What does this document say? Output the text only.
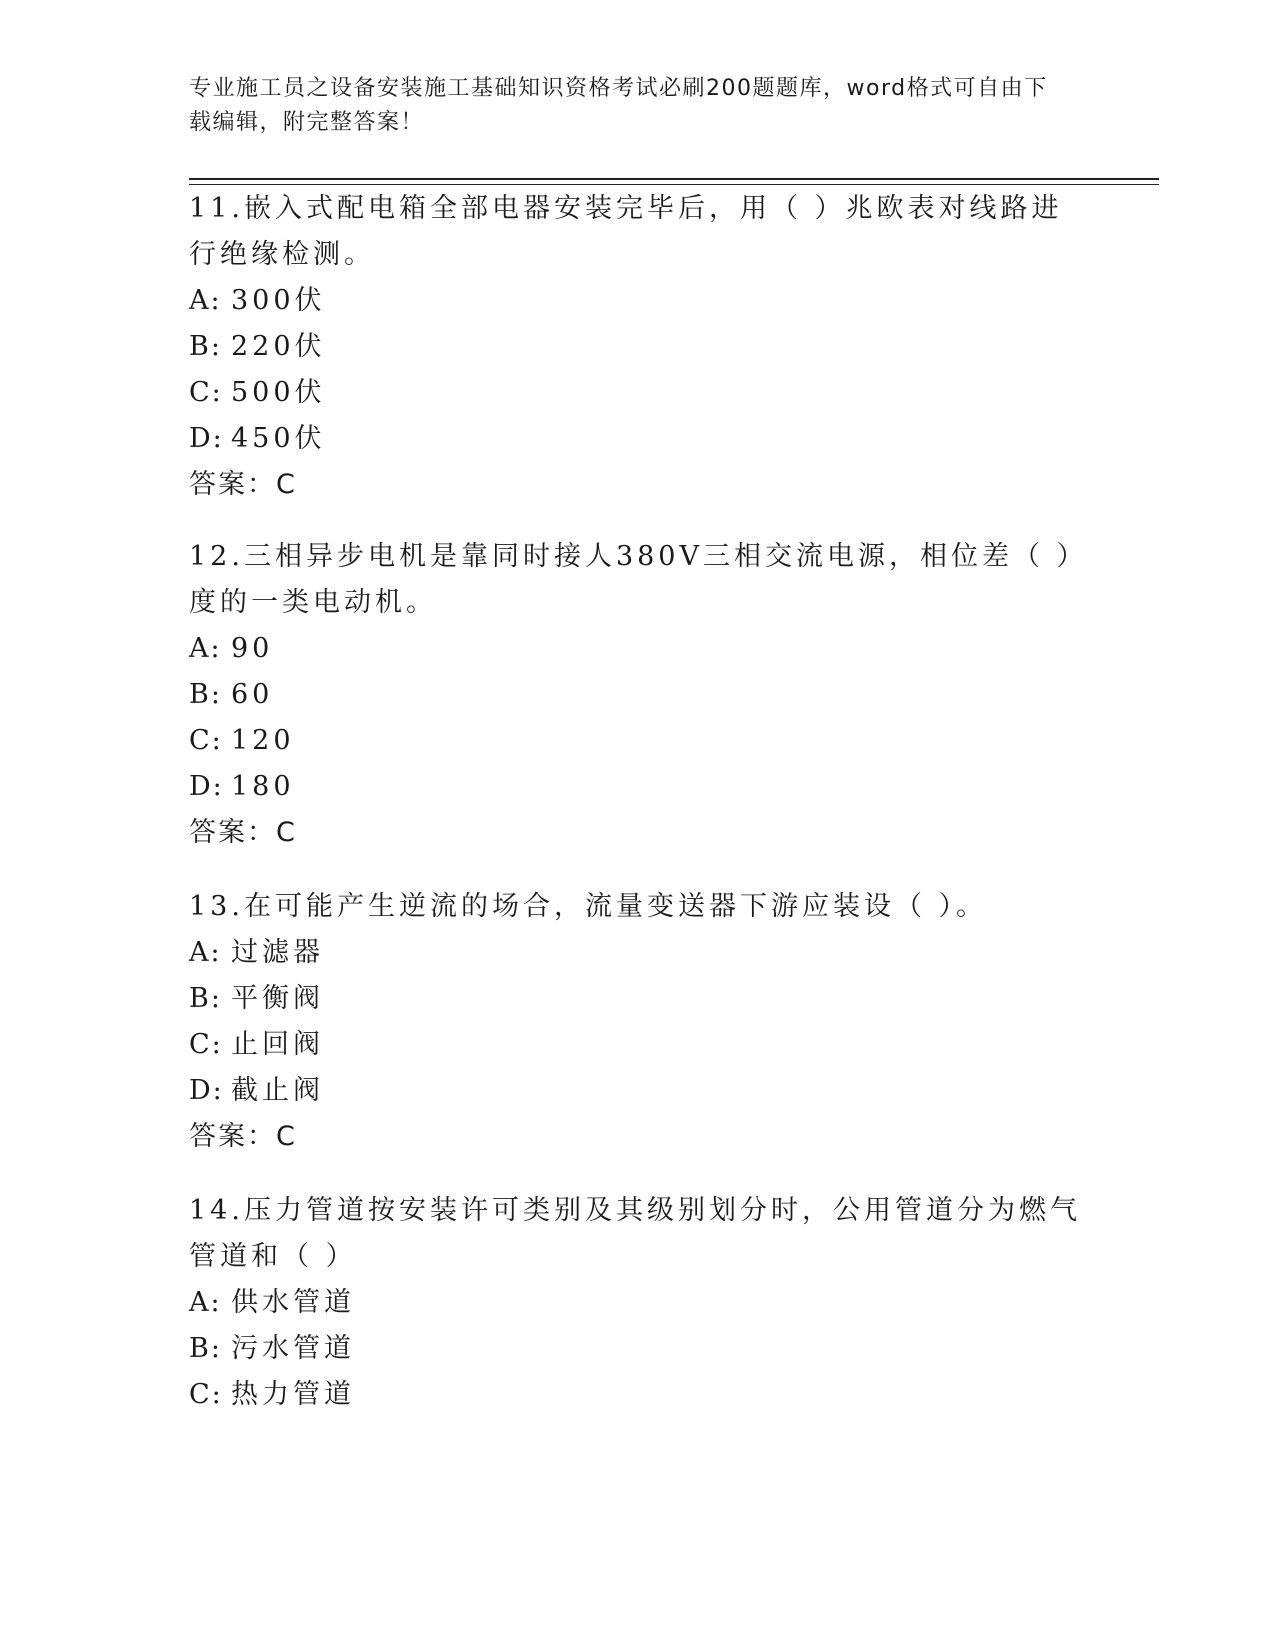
专业施工员之设备安装施工基础知识资格考试必刷200题题库，word格式可自由下载编辑，附完整答案！

11.嵌入式配电箱全部电器安装完毕后，用（ ）兆欧表对线路进行绝缘检测。

A: 300伏

B: 220伏

C: 500伏

D: 450伏

答案：C

12.三相异步电机是靠同时接人380V三相交流电源，相位差（ ）度的一类电动机。

A: 90

B: 60

C: 120

D: 180

答案：C

13.在可能产生逆流的场合，流量变送器下游应装设（ ）。

A: 过滤器

B: 平衡阀

C: 止回阀

D: 截止阀

答案：C

14.压力管道按安装许可类别及其级别划分时，公用管道分为燃气管道和（ ）

A: 供水管道

B: 污水管道

C: 热力管道
